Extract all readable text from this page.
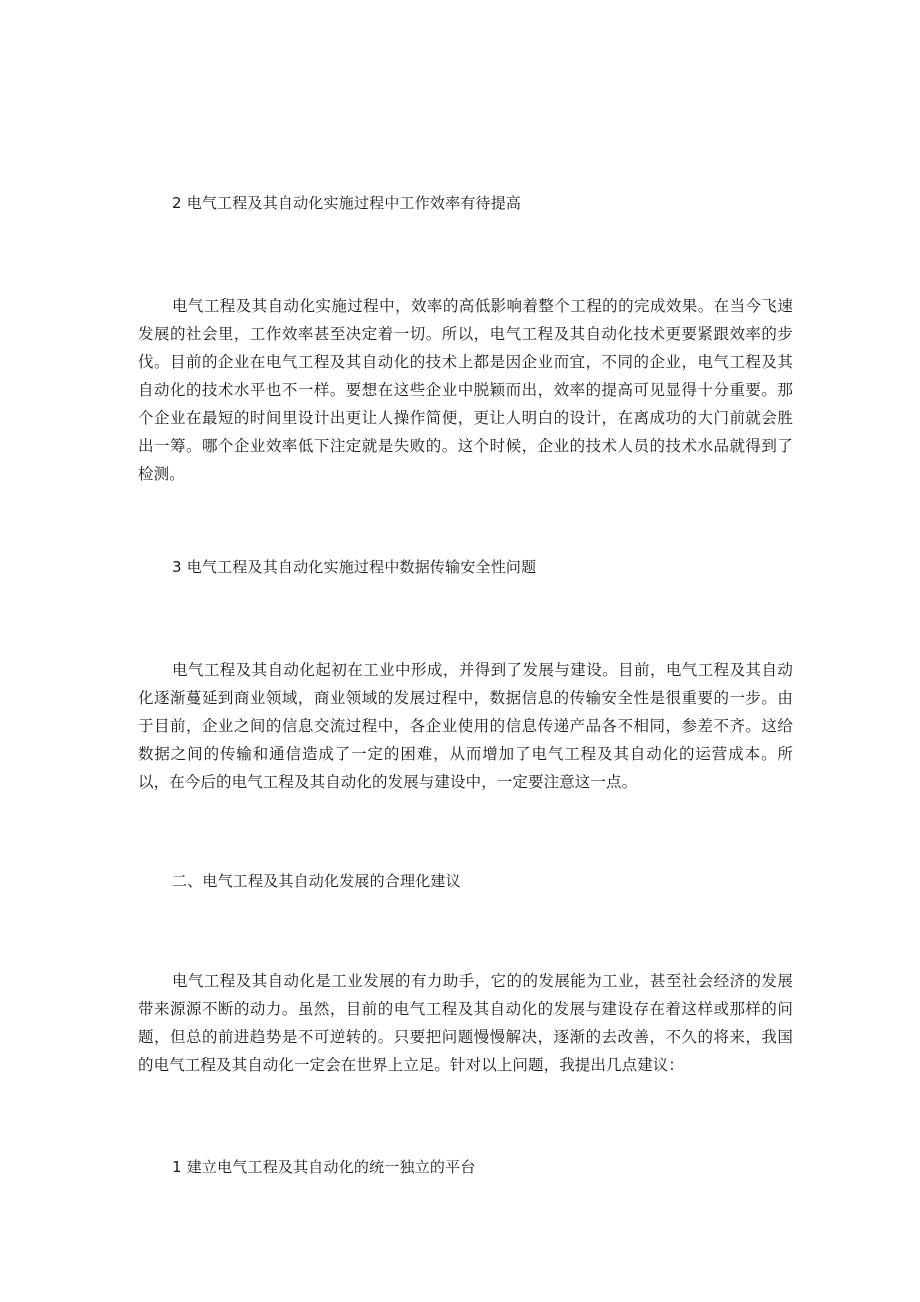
2 电气工程及其自动化实施过程中工作效率有待提高
电气工程及其自动化实施过程中，效率的高低影响着整个工程的的完成效果。在当今飞速发展的社会里，工作效率甚至决定着一切。所以，电气工程及其自动化技术更要紧跟效率的步伐。目前的企业在电气工程及其自动化的技术上都是因企业而宜，不同的企业，电气工程及其自动化的技术水平也不一样。要想在这些企业中脱颖而出，效率的提高可见显得十分重要。那个企业在最短的时间里设计出更让人操作简便，更让人明白的设计，在离成功的大门前就会胜出一筹。哪个企业效率低下注定就是失败的。这个时候，企业的技术人员的技术水品就得到了检测。
3 电气工程及其自动化实施过程中数据传输安全性问题
电气工程及其自动化起初在工业中形成，并得到了发展与建设。目前，电气工程及其自动化逐渐蔓延到商业领域，商业领域的发展过程中，数据信息的传输安全性是很重要的一步。由于目前，企业之间的信息交流过程中，各企业使用的信息传递产品各不相同，参差不齐。这给数据之间的传输和通信造成了一定的困难，从而增加了电气工程及其自动化的运营成本。所以，在今后的电气工程及其自动化的发展与建设中，一定要注意这一点。
二、电气工程及其自动化发展的合理化建议
电气工程及其自动化是工业发展的有力助手，它的的发展能为工业，甚至社会经济的发展带来源源不断的动力。虽然，目前的电气工程及其自动化的发展与建设存在着这样或那样的问题，但总的前进趋势是不可逆转的。只要把问题慢慢解决，逐渐的去改善，不久的将来，我国的电气工程及其自动化一定会在世界上立足。针对以上问题，我提出几点建议：
1 建立电气工程及其自动化的统一独立的平台
